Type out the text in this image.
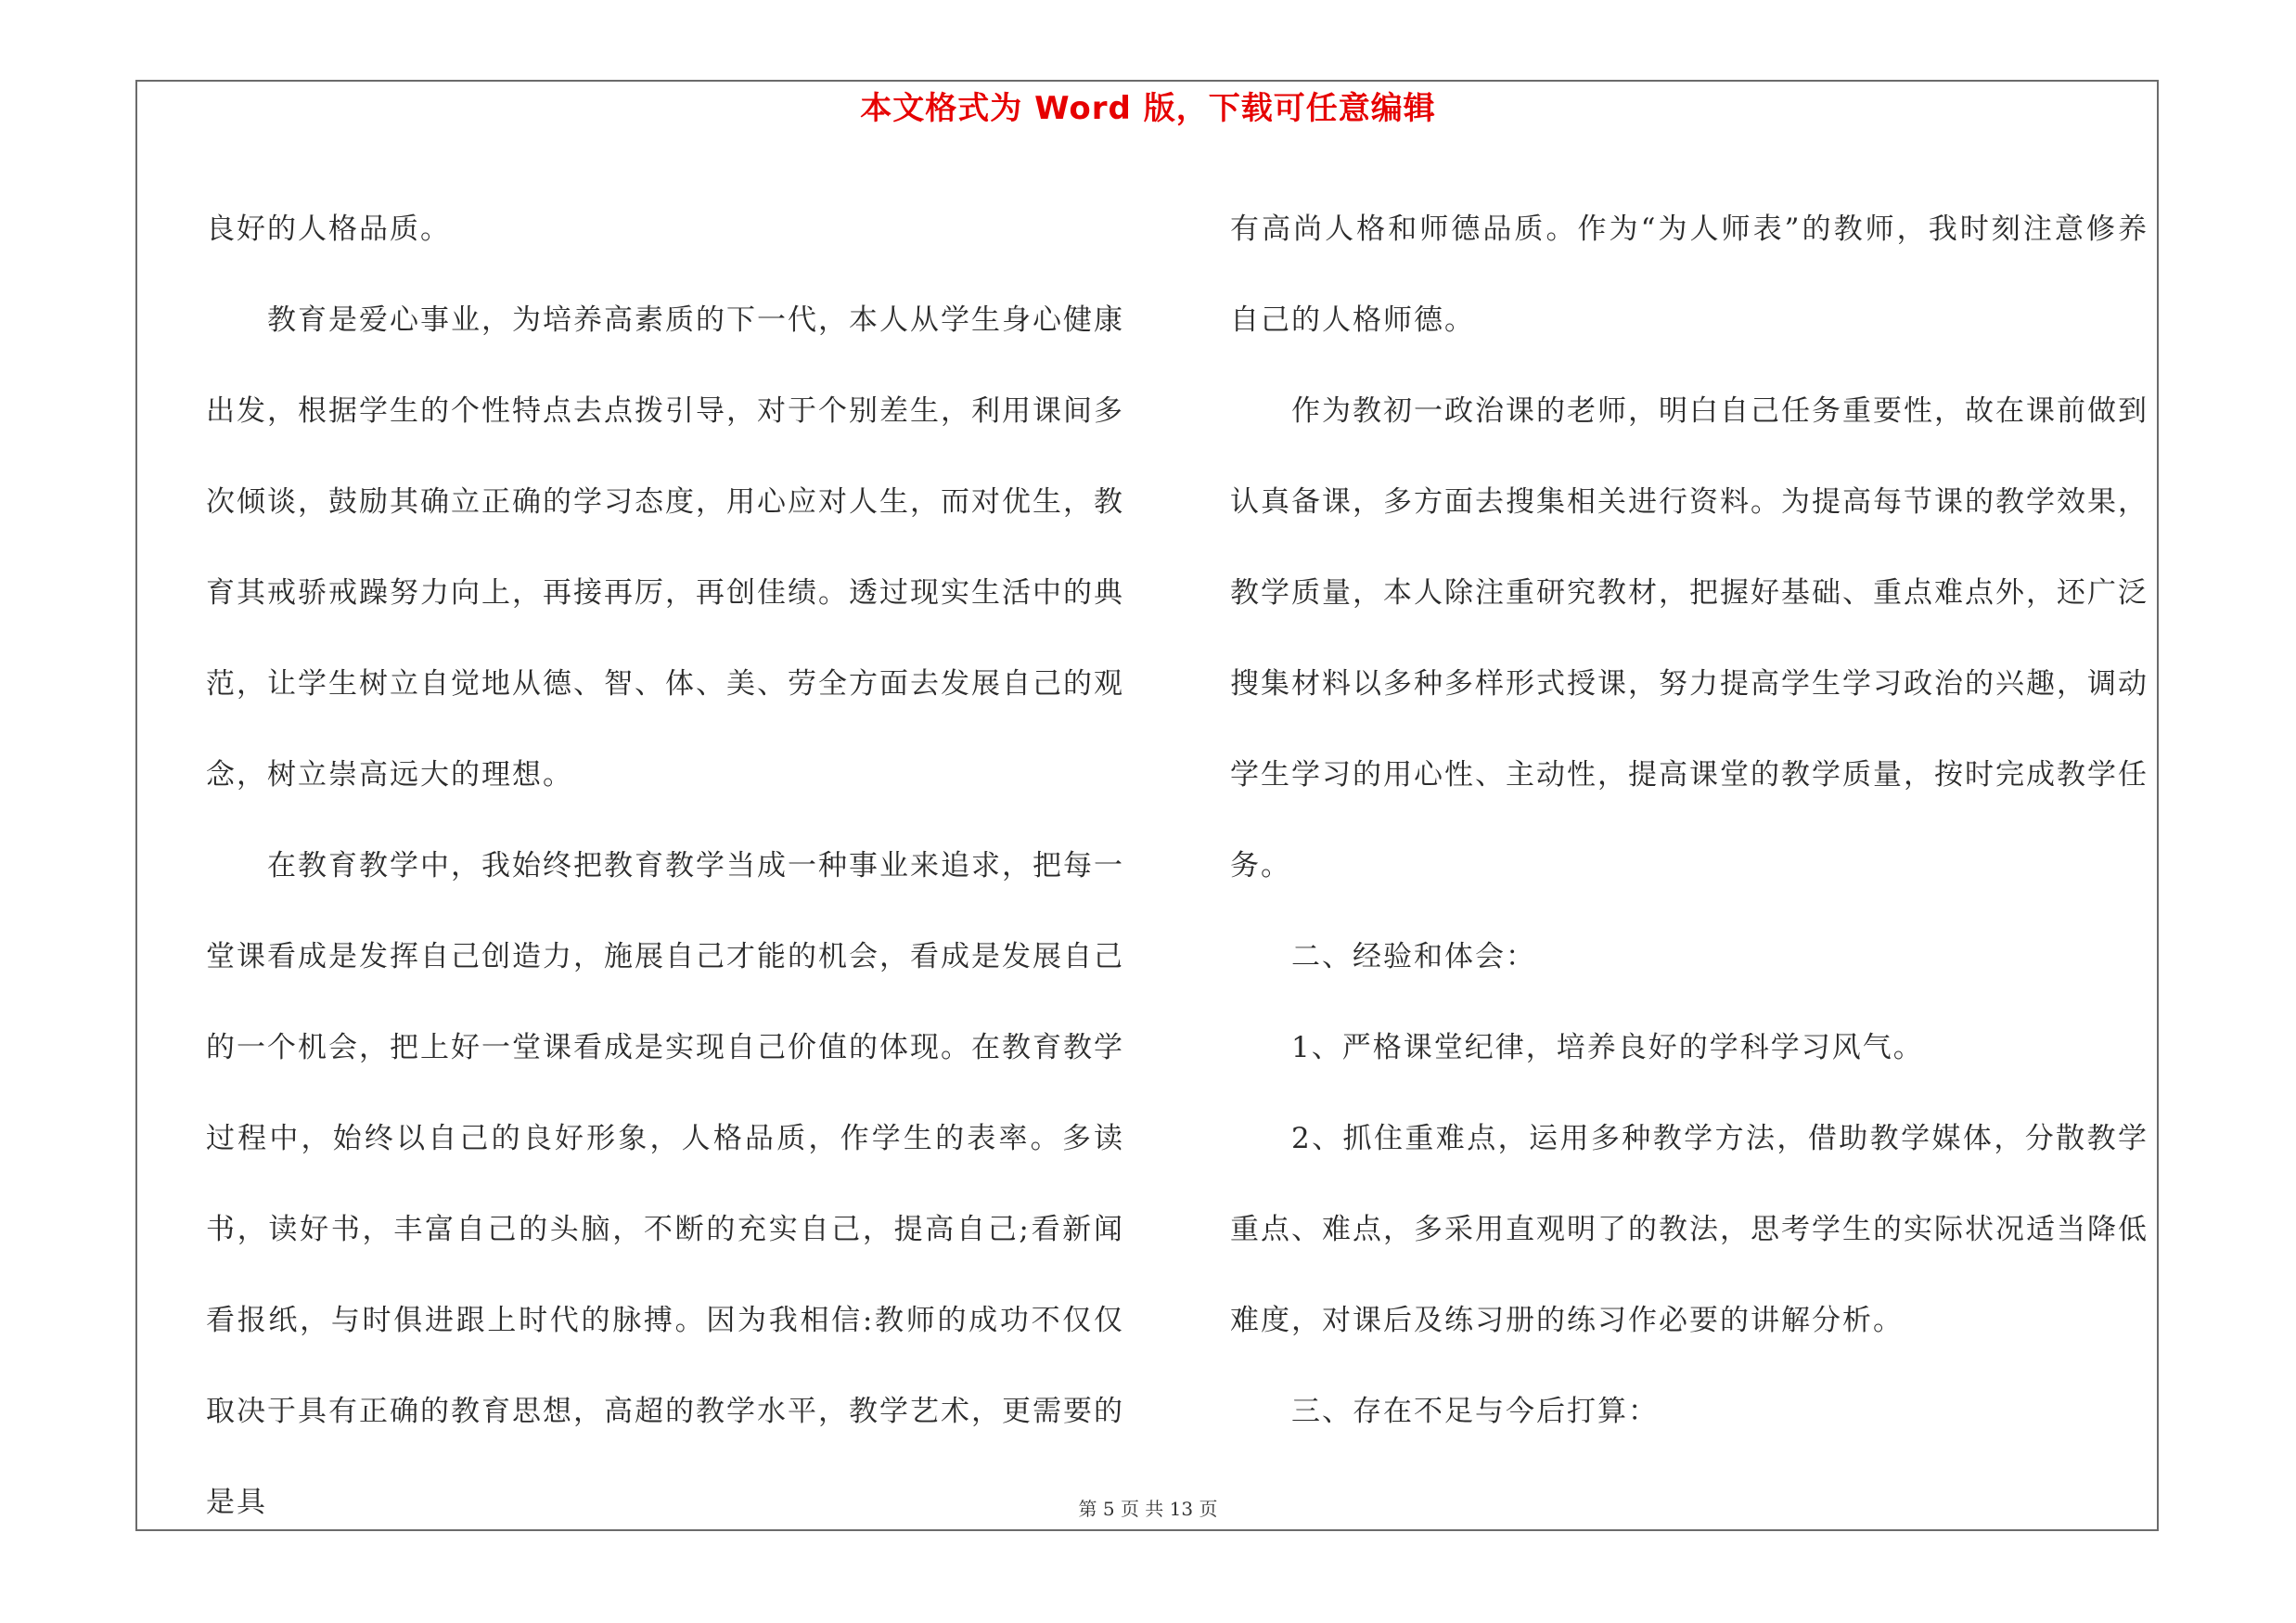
本文格式为 Word 版，下载可任意编辑

良好的人格品质。

教育是爱心事业，为培养高素质的下一代，本人从学生身心健康出发，根据学生的个性特点去点拨引导，对于个别差生，利用课间多次倾谈，鼓励其确立正确的学习态度，用心应对人生，而对优生，教育其戒骄戒躁努力向上，再接再厉，再创佳绩。透过现实生活中的典范，让学生树立自觉地从德、智、体、美、劳全方面去发展自己的观念，树立崇高远大的理想。

在教育教学中，我始终把教育教学当成一种事业来追求，把每一堂课看成是发挥自己创造力，施展自己才能的机会，看成是发展自己的一个机会，把上好一堂课看成是实现自己价值的体现。在教育教学过程中，始终以自己的良好形象，人格品质，作学生的表率。多读书，读好书，丰富自己的头脑，不断的充实自己，提高自己;看新闻看报纸，与时俱进跟上时代的脉搏。因为我相信:教师的成功不仅仅取决于具有正确的教育思想，高超的教学水平，教学艺术，更需要的是具

有高尚人格和师德品质。作为“为人师表”的教师，我时刻注意修养自己的人格师德。

作为教初一政治课的老师，明白自己任务重要性，故在课前做到认真备课，多方面去搜集相关进行资料。为提高每节课的教学效果，教学质量，本人除注重研究教材，把握好基础、重点难点外，还广泛搜集材料以多种多样形式授课，努力提高学生学习政治的兴趣，调动学生学习的用心性、主动性，提高课堂的教学质量，按时完成教学任务。

二、经验和体会：

1、严格课堂纪律，培养良好的学科学习风气。

2、抓住重难点，运用多种教学方法，借助教学媒体，分散教学重点、难点，多采用直观明了的教法，思考学生的实际状况适当降低难度，对课后及练习册的练习作必要的讲解分析。

三、存在不足与今后打算：

第 5 页 共 13 页
